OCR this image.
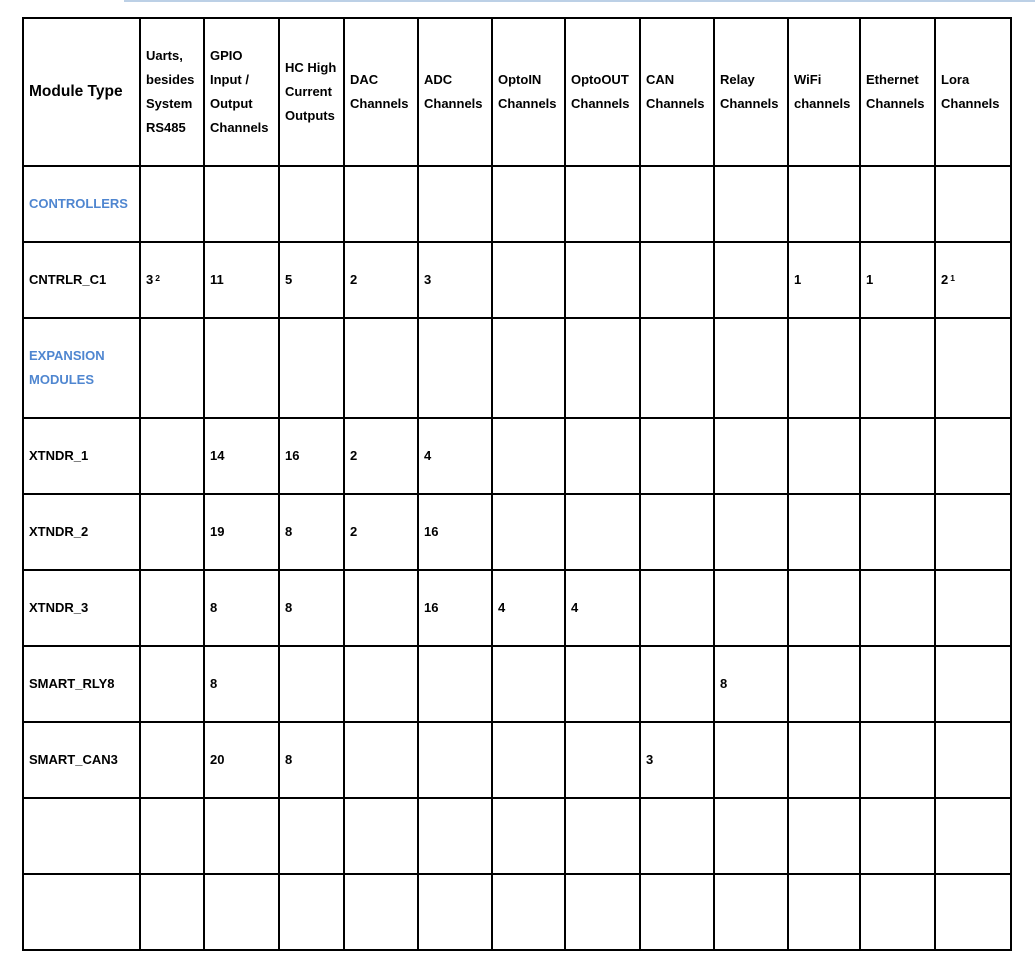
Module Type	Uarts, besides System RS485	GPIO Input / Output Channels	HC High Current Outputs	DAC Channels	ADC Channels	OptoIN Channels	OptoOUT Channels	CAN Channels	Relay Channels	WiFi channels	Ethernet Channels	Lora Channels
CONTROLLERS												
CNTRLR_C1	3 $^2$	11	5	2	3					1	1	2 $^1$
EXPANSION MODULES												
XTNDR_1		14	16	2	4							
XTNDR_2		19	8	2	16							
XTNDR_3		8	8		16	4	4					
SMART_RLY8		8							8			
SMART_CAN3		20	8					3				
